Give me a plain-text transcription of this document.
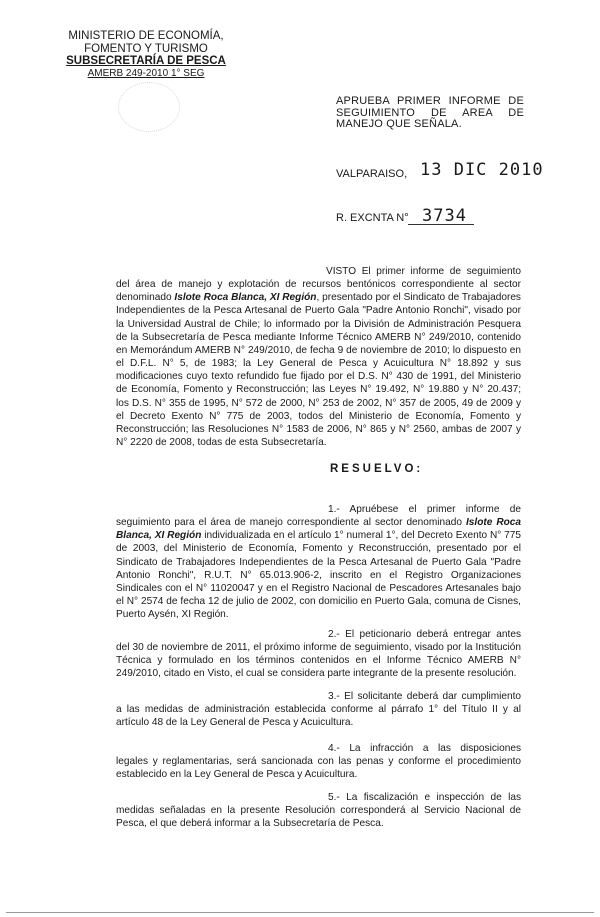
MINISTERIO DE ECONOMÍA,
FOMENTO Y TURISMO
SUBSECRETARÍA DE PESCA
AMERB 249-2010 1° SEG
APRUEBA PRIMER INFORME DE SEGUIMIENTO DE AREA DE MANEJO QUE SEÑALA.
VALPARAISO, 13 DIC 2010
R. EXCNTA N° 3734
VISTO El primer informe de seguimiento del área de manejo y explotación de recursos bentónicos correspondiente al sector denominado Islote Roca Blanca, XI Región, presentado por el Sindicato de Trabajadores Independientes de la Pesca Artesanal de Puerto Gala "Padre Antonio Ronchi", visado por la Universidad Austral de Chile; lo informado por la División de Administración Pesquera de la Subsecretaría de Pesca mediante Informe Técnico AMERB N° 249/2010, contenido en Memorándum AMERB N° 249/2010, de fecha 9 de noviembre de 2010; lo dispuesto en el D.F.L. N° 5, de 1983; la Ley General de Pesca y Acuicultura N° 18.892 y sus modificaciones cuyo texto refundido fue fijado por el D.S. N° 430 de 1991, del Ministerio de Economía, Fomento y Reconstrucción; las Leyes N° 19.492, N° 19.880 y N° 20.437; los D.S. N° 355 de 1995, N° 572 de 2000, N° 253 de 2002, N° 357 de 2005, 49 de 2009 y el Decreto Exento N° 775 de 2003, todos del Ministerio de Economía, Fomento y Reconstrucción; las Resoluciones N° 1583 de 2006, N° 865 y N° 2560, ambas de 2007 y N° 2220 de 2008, todas de esta Subsecretaría.
RESUELVO:
1.- Apruébese el primer informe de seguimiento para el área de manejo correspondiente al sector denominado Islote Roca Blanca, XI Región individualizada en el artículo 1° numeral 1°, del Decreto Exento N° 775 de 2003, del Ministerio de Economía, Fomento y Reconstrucción, presentado por el Sindicato de Trabajadores Independientes de la Pesca Artesanal de Puerto Gala "Padre Antonio Ronchi", R.U.T. N° 65.013.906-2, inscrito en el Registro Organizaciones Sindicales con el N° 11020047 y en el Registro Nacional de Pescadores Artesanales bajo el N° 2574 de fecha 12 de julio de 2002, con domicilio en Puerto Gala, comuna de Cisnes, Puerto Aysén, XI Región.
2.- El peticionario deberá entregar antes del 30 de noviembre de 2011, el próximo informe de seguimiento, visado por la Institución Técnica y formulado en los términos contenidos en el Informe Técnico AMERB N° 249/2010, citado en Visto, el cual se considera parte integrante de la presente resolución.
3.- El solicitante deberá dar cumplimiento a las medidas de administración establecida conforme al párrafo 1° del Título II y al artículo 48 de la Ley General de Pesca y Acuicultura.
4.- La infracción a las disposiciones legales y reglamentarias, será sancionada con las penas y conforme el procedimiento establecido en la Ley General de Pesca y Acuicultura.
5.- La fiscalización e inspección de las medidas señaladas en la presente Resolución corresponderá al Servicio Nacional de Pesca, el que deberá informar a la Subsecretaría de Pesca.
